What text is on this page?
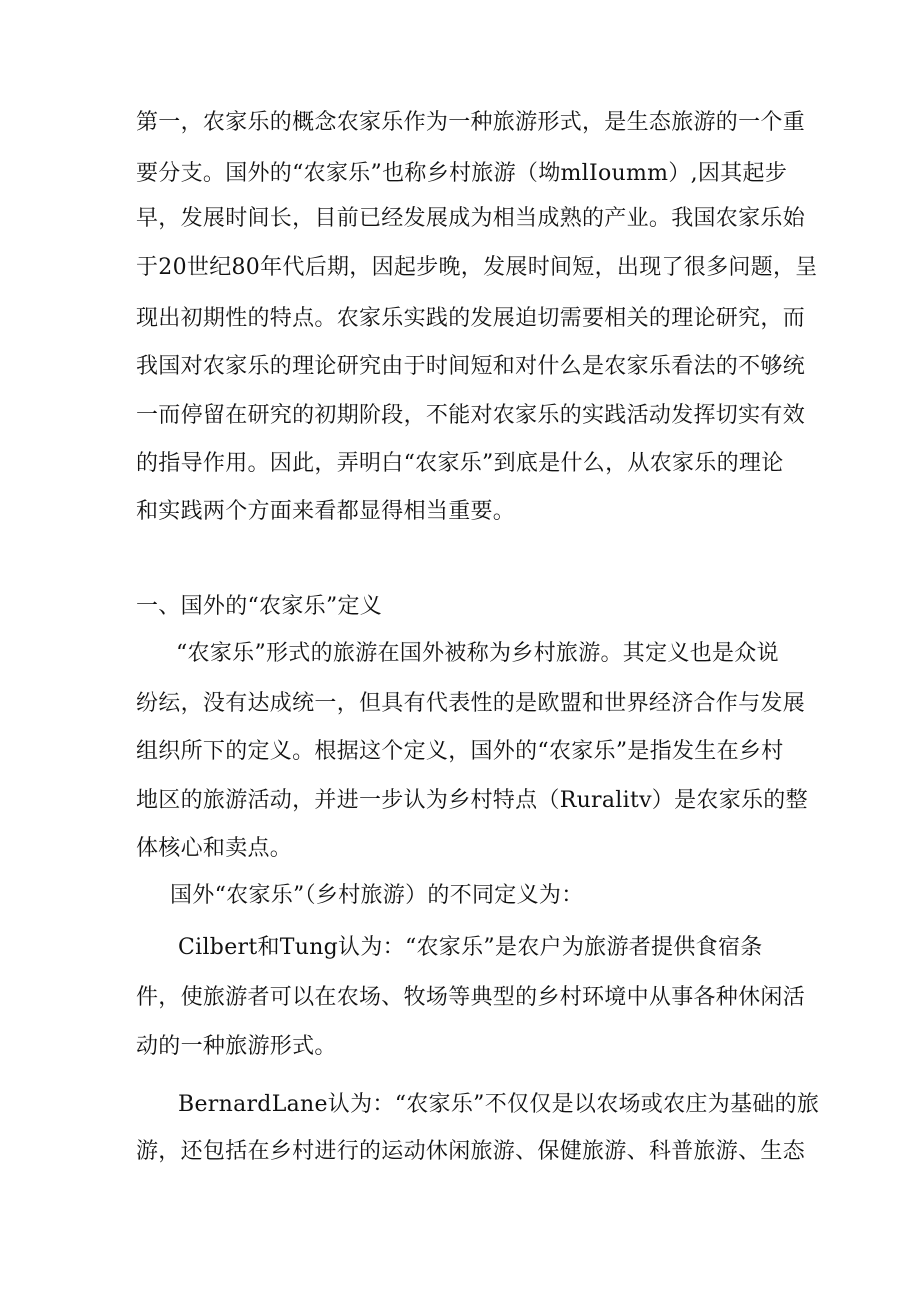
第一，农家乐的概念农家乐作为一种旅游形式，是生态旅游的一个重
要分支。国外的“农家乐”也称乡村旅游（坳mlIoumm）,因其起步
早，发展时间长，目前已经发展成为相当成熟的产业。我国农家乐始
于20世纪80年代后期，因起步晚，发展时间短，出现了很多问题，呈
现出初期性的特点。农家乐实践的发展迫切需要相关的理论研究，而
我国对农家乐的理论研究由于时间短和对什么是农家乐看法的不够统
一而停留在研究的初期阶段，不能对农家乐的实践活动发挥切实有效
的指导作用。因此，弄明白“农家乐”到底是什么，从农家乐的理论
和实践两个方面来看都显得相当重要。
一、国外的“农家乐”定义
“农家乐”形式的旅游在国外被称为乡村旅游。其定义也是众说
纷纭，没有达成统一，但具有代表性的是欧盟和世界经济合作与发展
组织所下的定义。根据这个定义，国外的“农家乐”是指发生在乡村
地区的旅游活动，并进一步认为乡村特点（Ruralitv）是农家乐的整
体核心和卖点。
国外“农家乐”（乡村旅游）的不同定义为：
Cilbert和Tung认为：“农家乐”是农户为旅游者提供食宿条
件，使旅游者可以在农场、牧场等典型的乡村环境中从事各种休闲活
动的一种旅游形式。
BernardLane认为：“农家乐”不仅仅是以农场或农庄为基础的旅
游，还包括在乡村进行的运动休闲旅游、保健旅游、科普旅游、生态
